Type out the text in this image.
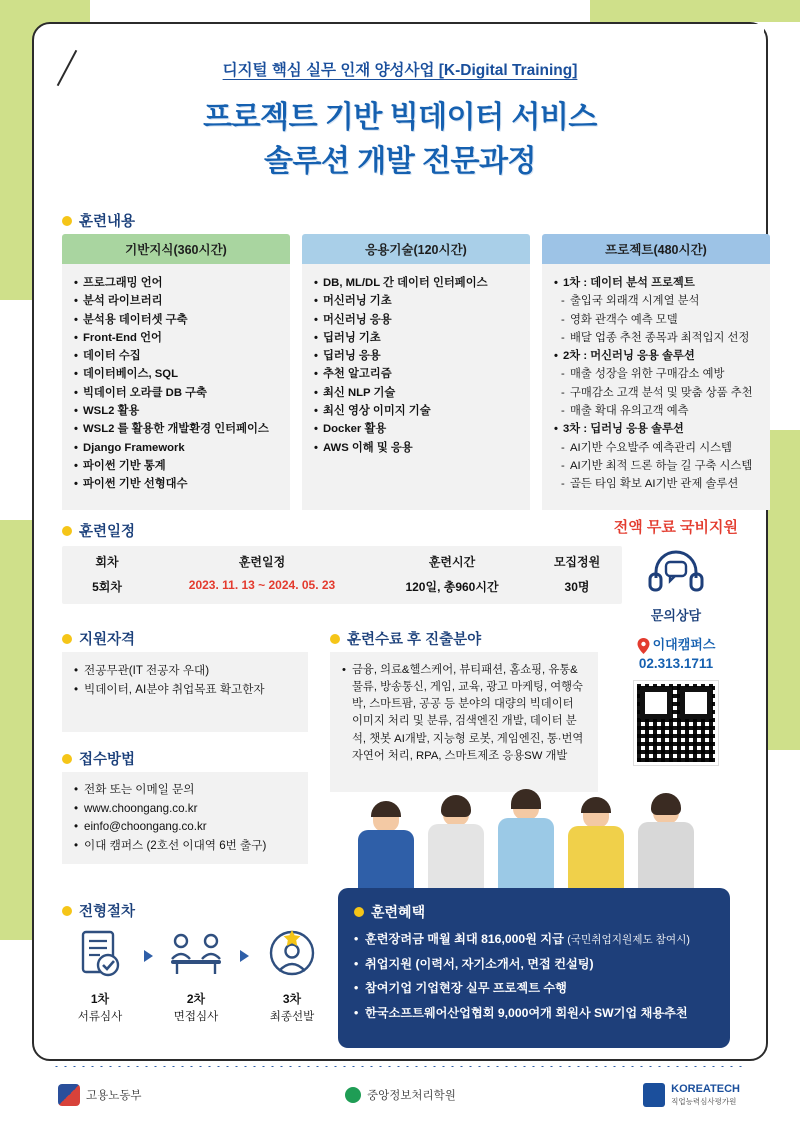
디지털 핵심 실무 인재 양성사업 [K-Digital Training]
프로젝트 기반 빅데이터 서비스
솔루션 개발 전문과정
훈련내용
기반지식(360시간)
• 프로그래밍 언어
• 분석 라이브러리
• 분석용 데이터셋 구축
• Front-End 언어
• 데이터 수집
• 데이터베이스, SQL
• 빅데이터 오라클 DB 구축
• WSL2 활용
• WSL2 를 활용한 개발환경 인터페이스
• Django Framework
• 파이썬 기반 통계
• 파이썬 기반 선형대수
응용기술(120시간)
• DB, ML/DL 간 데이터 인터페이스
• 머신러닝 기초
• 머신러닝 응용
• 딥러닝 기초
• 딥러닝 응용
• 추천 알고리즘
• 최신 NLP 기술
• 최신 영상 이미지 기술
• Docker 활용
• AWS 이해 및 응용
프로젝트(480시간)
• 1차 : 데이터 분석 프로젝트
- 출입국 외래객 시계열 분석
- 영화 관객수 예측 모델
- 배달 업종 추천 종목과 최적입지 선정
• 2차 : 머신러닝 응용 솔루션
- 매출 성장을 위한 구매감소 예방
- 구매감소 고객 분석 및 맞춤 상품 추천
- 매출 확대 유의고객 예측
• 3차 : 딥러닝 응용 솔루션
- AI기반 수요발주 예측관리 시스템
- AI기반 최적 드론 하늘 길 구축 시스템
- 골든 타임 확보 AI기반 관제 솔루션
훈련일정	전액 무료 국비지원
회차	훈련일정	훈련시간	모집정원
5회차	2023. 11. 13 ~ 2024. 05. 23	120일, 총960시간	30명
지원자격
• 전공무관(IT 전공자 우대)
• 빅데이터, AI분야 취업목표 확고한자
훈련수료 후 진출분야

• 금융, 의료&헬스케어, 뷰티패션, 홈쇼핑, 유통&물류, 방송통신, 게임, 교육, 광고 마케팅, 여행숙박, 스마트팜, 공공 등 분야의 대량의 빅데이터 이미지 처리 및 분류, 검색엔진 개발, 데이터 분석, 챗봇 AI개발, 지능형 로봇, 게임엔진, 통·번역 자연어 처리, RPA, 스마트제조 응용SW 개발

접수방법
• 전화 또는 이메일 문의
• www.choongang.co.kr
• einfo@choongang.co.kr
• 이대 캠퍼스 (2호선 이대역 6번 출구)
문의상담
이대캠퍼스
02.313.1711
전형절차
1차
서류심사
2차
면접심사
3차
최종선발
훈련혜택
• 훈련장려금 매월 최대 816,000원 지급 (국민취업지원제도 참여시)
• 취업지원 (이력서, 자기소개서, 면접 컨설팅)
• 참여기업 기업현장 실무 프로젝트 수행
• 한국소프트웨어산업협회 9,000여개 회원사 SW기업 채용추천
고용노동부	중앙정보처리학원
KOREATECH
직업능력심사평가원
